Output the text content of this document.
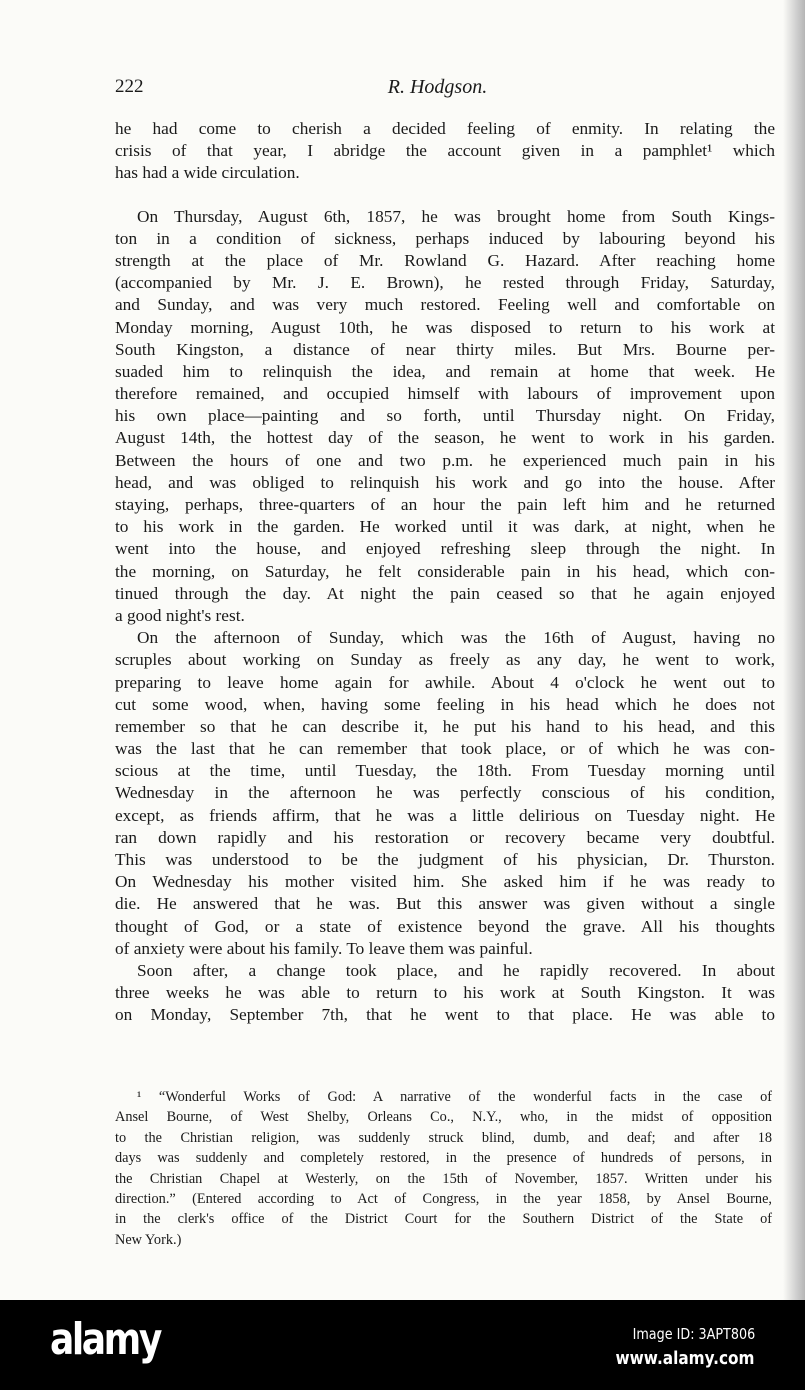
222	R. Hodgson.
he had come to cherish a decided feeling of enmity. In relating the
crisis of that year, I abridge the account given in a pamphlet¹ which
has had a wide circulation.
On Thursday, August 6th, 1857, he was brought home from South Kings-
ton in a condition of sickness, perhaps induced by labouring beyond his
strength at the place of Mr. Rowland G. Hazard. After reaching home
(accompanied by Mr. J. E. Brown), he rested through Friday, Saturday,
and Sunday, and was very much restored. Feeling well and comfortable on
Monday morning, August 10th, he was disposed to return to his work at
South Kingston, a distance of near thirty miles. But Mrs. Bourne per-
suaded him to relinquish the idea, and remain at home that week. He
therefore remained, and occupied himself with labours of improvement upon
his own place—painting and so forth, until Thursday night. On Friday,
August 14th, the hottest day of the season, he went to work in his garden.
Between the hours of one and two p.m. he experienced much pain in his
head, and was obliged to relinquish his work and go into the house. After
staying, perhaps, three-quarters of an hour the pain left him and he returned
to his work in the garden. He worked until it was dark, at night, when he
went into the house, and enjoyed refreshing sleep through the night. In
the morning, on Saturday, he felt considerable pain in his head, which con-
tinued through the day. At night the pain ceased so that he again enjoyed
a good night's rest.
On the afternoon of Sunday, which was the 16th of August, having no
scruples about working on Sunday as freely as any day, he went to work,
preparing to leave home again for awhile. About 4 o'clock he went out to
cut some wood, when, having some feeling in his head which he does not
remember so that he can describe it, he put his hand to his head, and this
was the last that he can remember that took place, or of which he was con-
scious at the time, until Tuesday, the 18th. From Tuesday morning until
Wednesday in the afternoon he was perfectly conscious of his condition,
except, as friends affirm, that he was a little delirious on Tuesday night. He
ran down rapidly and his restoration or recovery became very doubtful.
This was understood to be the judgment of his physician, Dr. Thurston.
On Wednesday his mother visited him. She asked him if he was ready to
die. He answered that he was. But this answer was given without a single
thought of God, or a state of existence beyond the grave. All his thoughts
of anxiety were about his family. To leave them was painful.
Soon after, a change took place, and he rapidly recovered. In about
three weeks he was able to return to his work at South Kingston. It was
on Monday, September 7th, that he went to that place. He was able to
¹ “Wonderful Works of God: A narrative of the wonderful facts in the case of
Ansel Bourne, of West Shelby, Orleans Co., N.Y., who, in the midst of opposition
to the Christian religion, was suddenly struck blind, dumb, and deaf; and after 18
days was suddenly and completely restored, in the presence of hundreds of persons, in
the Christian Chapel at Westerly, on the 15th of November, 1857. Written under his
direction.” (Entered according to Act of Congress, in the year 1858, by Ansel Bourne,
in the clerk's office of the District Court for the Southern District of the State of
New York.)
alamy	Image ID: 3APT806
www.alamy.com
